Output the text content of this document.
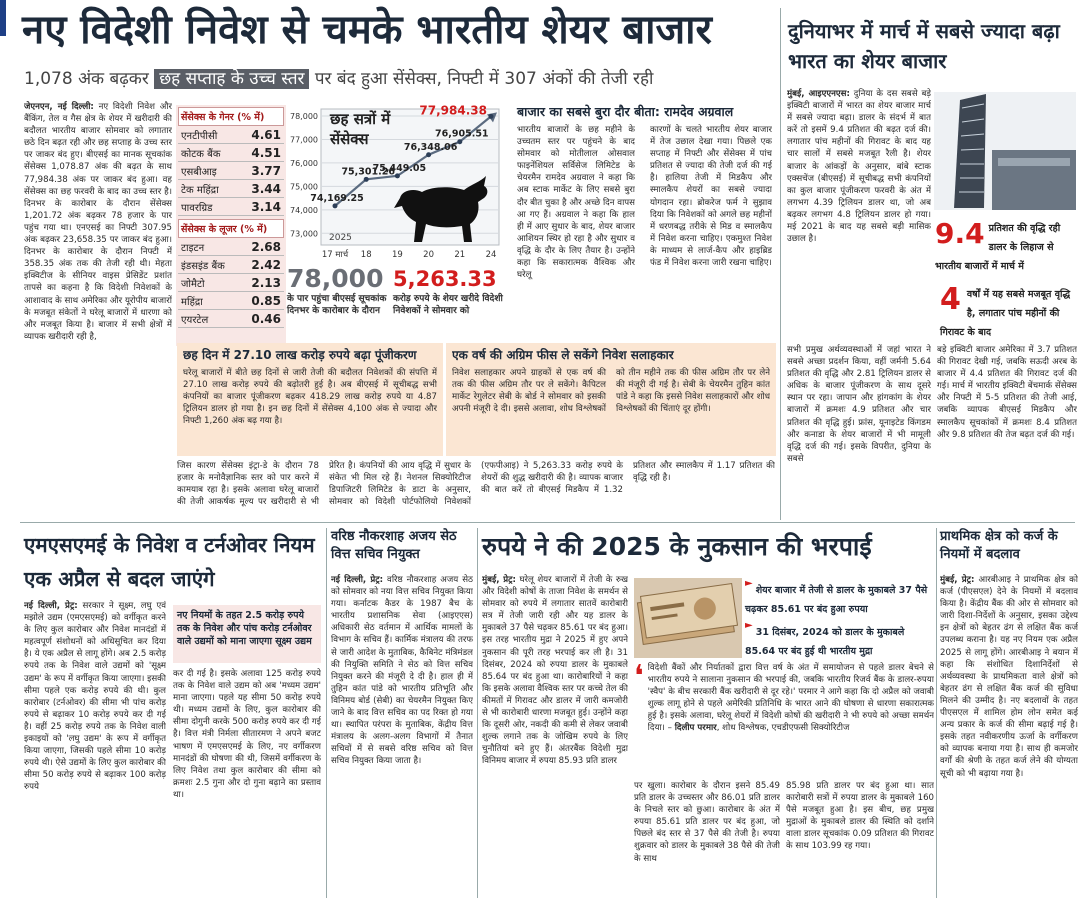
नए विदेशी निवेश से चमके भारतीय शेयर बाजार
1,078 अंक बढ़कर छह सप्ताह के उच्च स्तर पर बंद हुआ सेंसेक्स, निफ्टी में 307 अंकों की तेजी रही
जेएनएन, नई दिल्ली: नए विदेशी निवेश और बैंकिंग, तेल व गैस क्षेत्र के शेयर में खरीदारी की बदौलत भारतीय बाजार सोमवार को लगातार छठे दिन बढ़त रही और छह सप्ताह के उच्च स्तर पर जाकर बंद हुए। बीएसई का मानक सूचकांक सेंसेक्स 1,078.87 अंक की बढ़त के साथ 77,984.38 अंक पर जाकर बंद हुआ। वह सेंसेक्स का छह फरवरी के बाद का उच्च स्तर है। दिनभर के कारोबार के दौरान सेंसेक्स 1,201.72 अंक बढ़कर 78 हजार के पार पहुंच गया था। एनएसई का निफ्टी 307.95 अंक बढ़कर 23,658.35 पर जाकर बंद हुआ। दिनभर के कारोबार के दौरान निफ्टी में 358.35 अंक तक की तेजी रही थी। मेहता इक्विटीज के सीनियर वाइस प्रेसिडेंट प्रशांत तापसे का कहना है कि विदेशी निवेशकों के आशावाद के साथ अमेरिका और यूरोपीय बाजारों के मजबूत संकेतों ने घरेलू बाजारों में धारणा को और मजबूत किया है। बाजार में सभी क्षेत्रों में व्यापक खरीदारी रही है,
सेंसेक्स के गेनर (% में)
एनटीपीसी	4.61
कोटक बैंक	4.51
एसबीआइ	3.77
टेक महिंद्रा	3.44
पावरग्रिड	3.14
सेंसेक्स के लूजर (% में)
टाइटन	2.68
इंडसइंड बैंक	2.42
जोमैटो	2.13
महिंद्रा	0.85
एयरटेल	0.46
78,000
77,000
76,000
75,000
74,000
73,000
17 मार्च 18 19 20 21 24
74,169.25
75,301.26
75,449.05
76,348.06
76,905.51
77,984.38
छह सत्रों में सेंसेक्स
2025
78,000
के पार पहुंचा बीएसई सूचकांक दिनभर के कारोबार के दौरान
5,263.33
करोड़ रुपये के शेयर खरीदे विदेशी निवेशकों ने सोमवार को
बाजार का सबसे बुरा दौर बीता: रामदेव अग्रवाल
भारतीय बाजारों के छह महीने के उच्चतम स्तर पर पहुंचने के बाद सोमवार को मोतीलाल ओसवाल फाइनेंशियल सर्विसेज लिमिटेड के चेयरमैन रामदेव अग्रवाल ने कहा कि अब स्टाक मार्केट के लिए सबसे बुरा दौर बीत चुका है और अच्छे दिन वापस आ गए हैं। अग्रवाल ने कहा कि हाल ही में आए सुधार के बाद, शेयर बाजार आशियन स्थिर हो रहा है और सुधार व वृद्धि के दौर के लिए तैयार है। उन्होंने कहा कि सकारात्मक वैश्विक और घरेलू
कारणों के चलते भारतीय शेयर बाजार में तेज उछाल देखा गया। पिछले एक सप्ताह में निफ्टी और सेंसेक्स में पांच प्रतिशत से ज्यादा की तेजी दर्ज की गई है। हालिया तेजी में मिडकैप और स्मालकैप शेयरों का सबसे ज्यादा योगदान रहा। ब्रोकरेज फर्म ने सुझाव दिया कि निवेशकों को अगले छह महीनों में धरणबद्ध तरीके से मिड व स्मालकैप में निवेश करना चाहिए। एकमुश्त निवेश के माध्यम से लार्ज-कैप और हाइब्रिड फंड में निवेश करना जारी रखना चाहिए।
छह दिन में 27.10 लाख करोड़ रुपये बढ़ा पूंजीकरण
घरेलू बाजारों में बीते छह दिनों से जारी तेजी की बदौलत निवेशकों की संपत्ति में 27.10 लाख करोड़ रुपये की बढ़ोतरी हुई है। अब बीएसई में सूचीबद्ध सभी कंपनियों का बाजार पूंजीकरण बढ़कर 418.29 लाख करोड़ रुपये या 4.87 ट्रिलियन डालर हो गया है। इन छह दिनों में सेंसेक्स 4,100 अंक से ज्यादा और निफ्टी 1,260 अंक बढ़ गया है।
एक वर्ष की अग्रिम फीस ले सकेंगे निवेश सलाहकार
निवेश सलाहकार अपने ग्राहकों से एक वर्ष की तक की फीस अग्रिम तौर पर ले सकेंगे। कैपिटल मार्केट रेगुलेटर सेबी के बोर्ड ने सोमवार को इसकी अपनी मंजूरी दे दी। इससे अलावा, शोध विश्लेषकों को तीन महीने तक की फीस अग्रिम तौर पर लेने की मंजूरी दी गई है। सेबी के चेयरमैन तुहिन कांत पांडे ने कहा कि इससे निवेश सलाहकारों और शोध विश्लेषकों की चिंताएं दूर होंगी।
जिस कारण सेंसेक्स इंट्रा-डे के दौरान 78 हजार के मनोवैज्ञानिक स्तर को पार करने में कामयाब रहा है। इसके अलावा घरेलू बाजारों की तेजी आकर्षक मूल्य पर खरीदारी से भी प्रेरित है। कंपनियों की आय वृद्धि में सुधार के संकेत भी मिल रहे हैं। नेशनल सिक्योरिटीज डिपाजिटरी लिमिटेड के डाटा के अनुसार, सोमवार को विदेशी पोर्टफोलियो निवेशकों (एफपीआइ) ने 5,263.33 करोड़ रुपये के शेयरों की शुद्ध खरीदारी की है। व्यापक बाजार की बात करें तो बीएसई मिडकैप में 1.32 प्रतिशत और स्मालकैप में 1.17 प्रतिशत की वृद्धि रही है।
दुनियाभर में मार्च में सबसे ज्यादा बढ़ा भारत का शेयर बाजार
मुंबई, आइएएनएस: दुनिया के दस सबसे बड़े इक्विटी बाजारों में भारत का शेयर बाजार मार्च में सबसे ज्यादा बढ़ा। डालर के संदर्भ में बात करें तो इसमें 9.4 प्रतिशत की बढ़त दर्ज की। लगातार पांच महीनों की गिरावट के बाद यह चार सालों में सबसे मजबूत रैली है। शेयर बाजार के आंकड़ों के अनुसार, बांबे स्टाक एक्सचेंज (बीएसई) में सूचीबद्ध सभी कंपनियों का कुल बाजार पूंजीकरण फरवरी के अंत में लगभग 4.39 ट्रिलियन डालर था, जो अब बढ़कर लगभग 4.8 ट्रिलियन डालर हो गया। मई 2021 के बाद यह सबसे बड़ी मासिक उछाल है।	9.4 प्रतिशत की वृद्धि रही डालर के लिहाज से भारतीय बाजारों में मार्च में
4 वर्षों में यह सबसे मजबूत वृद्धि है, लगातार पांच महीनों की गिरावट के बाद
सभी प्रमुख अर्थव्यवस्थाओं में जहां भारत ने सबसे अच्छा प्रदर्शन किया, वहीं जर्मनी 5.64 प्रतिशत की वृद्धि और 2.81 ट्रिलियन डालर से अधिक के बाजार पूंजीकरण के साथ दूसरे स्थान पर रहा। जापान और हांगकांग के शेयर बाजारों में क्रमशः 4.9 प्रतिशत और चार प्रतिशत की वृद्धि हुई। फ्रांस, यूनाइटेड किंगडम और कनाडा के शेयर बाजारों में भी मामूली वृद्धि दर्ज की गई। इसके विपरीत, दुनिया के सबसे
बड़े इक्विटी बाजार अमेरिका में 3.7 प्रतिशत की गिरावट देखी गई, जबकि सऊदी अरब के बाजार में 4.4 प्रतिशत की गिरावट दर्ज की गई। मार्च में भारतीय इक्विटी बेंचमार्क सेंसेक्स और निफ्टी में 5-5 प्रतिशत की तेजी आई, जबकि व्यापक बीएसई मिडकैप और स्मालकैप सूचकांकों में क्रमशः 8.4 प्रतिशत और 9.8 प्रतिशत की तेज बढ़त दर्ज की गई।
एमएसएमई के निवेश व टर्नओवर नियम एक अप्रैल से बदल जाएंगे
नई दिल्ली, प्रेट्र: सरकार ने सूक्ष्म, लघु एवं मझोले उद्यम (एमएसएमई) को वर्गीकृत करने के लिए कुल कारोबार और निवेश मानदंडों में महत्वपूर्ण संशोधनों को अधिसूचित कर दिया है। ये एक अप्रैल से लागू होंगे। अब 2.5 करोड़ रुपये तक के निवेश वाले उद्यमों को 'सूक्ष्म उद्यम' के रूप में वर्गीकृत किया जाएगा। इसकी सीमा पहले एक करोड़ रुपये की थी। कुल कारोबार (टर्नओवर) की सीमा भी पांच करोड़ रुपये से बढ़ाकर 10 करोड़ रुपये कर दी गई है। वहीं 25 करोड़ रुपये तक के निवेश वाली इकाइयों को 'लघु उद्यम' के रूप में वर्गीकृत किया जाएगा, जिसकी पहले सीमा 10 करोड़ रुपये थी। ऐसे उद्यमों के लिए कुल कारोबार की सीमा 50 करोड़ रुपये से बढ़ाकर 100 करोड़ रुपये
नए नियमों के तहत 2.5 करोड़ रुपये तक के निवेश और पांच करोड़ टर्नओवर वाले उद्यमों को माना जाएगा सूक्ष्म उद्यम
कर दी गई है। इसके अलावा 125 करोड़ रुपये तक के निवेश वाले उद्यम को अब 'मध्यम उद्यम' माना जाएगा। पहले यह सीमा 50 करोड़ रुपये थी। मध्यम उद्यमों के लिए, कुल कारोबार की सीमा दोगुनी करके 500 करोड़ रुपये कर दी गई है। वित्त मंत्री निर्मला सीतारमण ने अपने बजट भाषण में एमएसएमई के लिए, नए वर्गीकरण मानदंडों की घोषणा की थी, जिसमें वर्गीकरण के लिए निवेश तथा कुल कारोबार की सीमा को क्रमशः 2.5 गुना और दो गुना बढ़ाने का प्रस्ताव था।
वरिष्ठ नौकरशाह अजय सेठ वित्त सचिव नियुक्त
नई दिल्ली, प्रेट्र: वरिष्ठ नौकरशाह अजय सेठ को सोमवार को नया वित्त सचिव नियुक्त किया गया। कर्नाटक कैडर के 1987 बैच के भारतीय प्रशासनिक सेवा (आइएएस) अधिकारी सेठ वर्तमान में आर्थिक मामलों के विभाग के सचिव हैं। कार्मिक मंत्रालय की तरफ से जारी आदेश के मुताबिक, कैबिनेट मंत्रिमंडल की नियुक्ति समिति ने सेठ को वित्त सचिव नियुक्त करने की मंजूरी दे दी है। हाल ही में तुहिन कांत पांडे को भारतीय प्रतिभूति और विनिमय बोर्ड (सेबी) का चेयरमैन नियुक्त किए जाने के बाद वित्त सचिव का पद रिक्त हो गया था। स्थापित परंपरा के मुताबिक, केंद्रीय वित्त मंत्रालय के अलग-अलग विभागों में तैनात सचिवों में से सबसे वरिष्ठ सचिव को वित्त सचिव नियुक्त किया जाता है।
रुपये ने की 2025 के नुकसान की भरपाई
मुंबई, प्रेट्र: घरेलू शेयर बाजारों में तेजी के रुख और विदेशी कोषों के ताजा निवेश के समर्थन से सोमवार को रुपये में लगातार सातवें कारोबारी सत्र में तेजी जारी रही और यह डालर के मुकाबले 37 पैसे चढ़कर 85.61 पर बंद हुआ। इस तरह भारतीय मुद्रा ने 2025 में हुए अपने नुकसान की पूरी तरह भरपाई कर ली है। 31 दिसंबर, 2024 को रुपया डालर के मुकाबले 85.64 पर बंद हुआ था। कारोबारियों ने कहा कि इसके अलावा वैश्विक स्तर पर कच्चे तेल की कीमतों में गिरावट और डालर में जारी कमजोरी से भी कारोबारी धारणा मजबूत हुई। उन्होंने कहा कि दूसरी ओर, नकदी की कमी से लेकर जवाबी शुल्क लगाने तक के जोखिम रुपये के लिए चुनौतियां बने हुए हैं। अंतरबैंक विदेशी मुद्रा विनिमय बाजार में रुपया 85.93 प्रति डालर
►
शेयर बाजार में तेजी से डालर के मुकाबले 37 पैसे चढ़कर 85.61 पर बंद हुआ रुपया
►
31 दिसंबर, 2024 को डालर के मुकाबले 85.64 पर बंद हुई थी भारतीय मुद्रा
❛ विदेशी बैंकों और निर्यातकों द्वारा वित्त वर्ष के अंत में समायोजन से पहले डालर बेचने से भारतीय रुपये ने सालाना नुकसान की भरपाई की, जबकि भारतीय रिजर्व बैंक के डालर-रुपया 'स्वैप' के बीच सरकारी बैंक खरीदारी से दूर रहे।' परमार ने आगे कहा कि दो अप्रैल को जवाबी शुल्क लागू होने से पहले अमेरिकी प्रतिनिधि के भारत आने की घोषणा से धारणा सकारात्मक हुई है। इसके अलावा, घरेलू शेयरों में विदेशी कोषों की खरीदारी ने भी रुपये को अच्छा समर्थन दिया। – दिलीप परमार, शोध विश्लेषक, एचडीएफसी सिक्योरिटीज
पर खुला। कारोबार के दौरान इसने 85.49 प्रति डालर के उच्चस्तर और 86.01 प्रति डालर के निचले स्तर को छुआ। कारोबार के अंत में रुपया 85.61 प्रति डालर पर बंद हुआ, जो पिछले बंद स्तर से 37 पैसे की तेजी है। रुपया शुक्रवार को डालर के मुकाबले 38 पैसे की तेजी के साथ
85.98 प्रति डालर पर बंद हुआ था। सात कारोबारी सत्रों में रुपया डालर के मुकाबले 160 पैसे मजबूत हुआ है। इस बीच, छह प्रमुख मुद्राओं के मुकाबले डालर की स्थिति को दर्शाने वाला डालर सूचकांक 0.09 प्रतिशत की गिरावट के साथ 103.99 रह गया।
प्राथमिक क्षेत्र को कर्ज के नियमों में बदलाव
मुंबई, प्रेट्र: आरबीआइ ने प्राथमिक क्षेत्र को कर्ज (पीएसएल) देने के नियमों में बदलाव किया है। केंद्रीय बैंक की ओर से सोमवार को जारी दिशा-निर्देशों के अनुसार, इसका उद्देश्य इन क्षेत्रों को बेहतर ढंग से लक्षित बैंक कर्ज उपलब्ध कराना है। यह नए नियम एक अप्रैल 2025 से लागू होंगे। आरबीआइ ने बयान में कहा कि संशोधित दिशानिर्देशों से अर्थव्यवस्था के प्राथमिकता वाले क्षेत्रों को बेहतर ढंग से लक्षित बैंक कर्ज की सुविधा मिलने की उम्मीद है। नए बदलावों के तहत पीएसएल में शामिल होम लोन समेत कई अन्य प्रकार के कर्ज की सीमा बढ़ाई गई है। इसके तहत नवीकरणीय ऊर्जा के वर्गीकरण को व्यापक बनाया गया है। साथ ही कमजोर वर्गों की श्रेणी के तहत कर्ज लेने की योग्यता सूची को भी बढ़ाया गया है।
